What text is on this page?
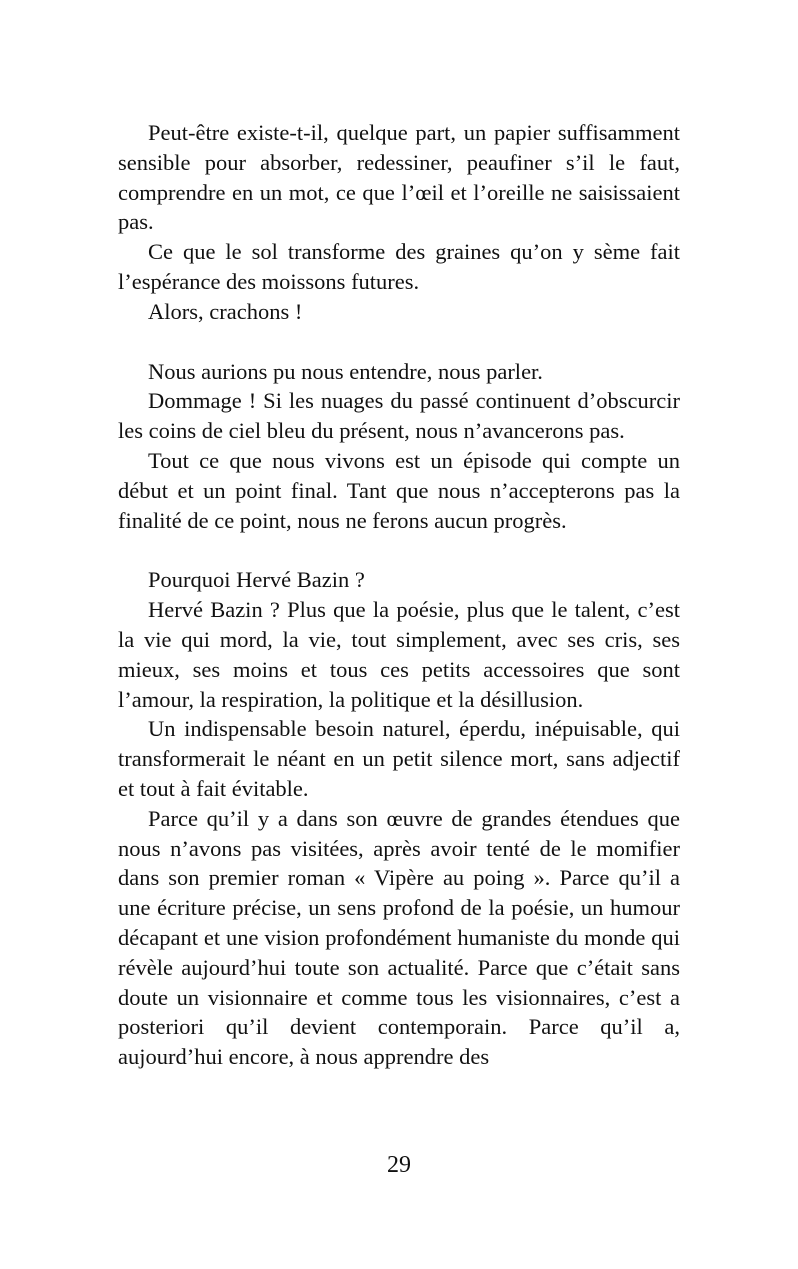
Peut-être existe-t-il, quelque part, un papier suffisamment sensible pour absorber, redessiner, peaufiner s’il le faut, comprendre en un mot, ce que l’œil et l’oreille ne saisissaient pas.

Ce que le sol transforme des graines qu’on y sème fait l’espérance des moissons futures.

Alors, crachons !

Nous aurions pu nous entendre, nous parler.

Dommage ! Si les nuages du passé continuent d’obscurcir les coins de ciel bleu du présent, nous n’avancerons pas.

Tout ce que nous vivons est un épisode qui compte un début et un point final. Tant que nous n’accepterons pas la finalité de ce point, nous ne ferons aucun progrès.

Pourquoi Hervé Bazin ?

Hervé Bazin ? Plus que la poésie, plus que le talent, c’est la vie qui mord, la vie, tout simplement, avec ses cris, ses mieux, ses moins et tous ces petits accessoires que sont l’amour, la respiration, la politique et la désillusion.

Un indispensable besoin naturel, éperdu, inépuisable, qui transformerait le néant en un petit silence mort, sans adjectif et tout à fait évitable.

Parce qu’il y a dans son œuvre de grandes étendues que nous n’avons pas visitées, après avoir tenté de le momifier dans son premier roman « Vipère au poing ». Parce qu’il a une écriture précise, un sens profond de la poésie, un humour décapant et une vision profondément humaniste du monde qui révèle aujourd’hui toute son actualité. Parce que c’était sans doute un visionnaire et comme tous les visionnaires, c’est a posteriori qu’il devient contemporain. Parce qu’il a, aujourd’hui encore, à nous apprendre des

29
